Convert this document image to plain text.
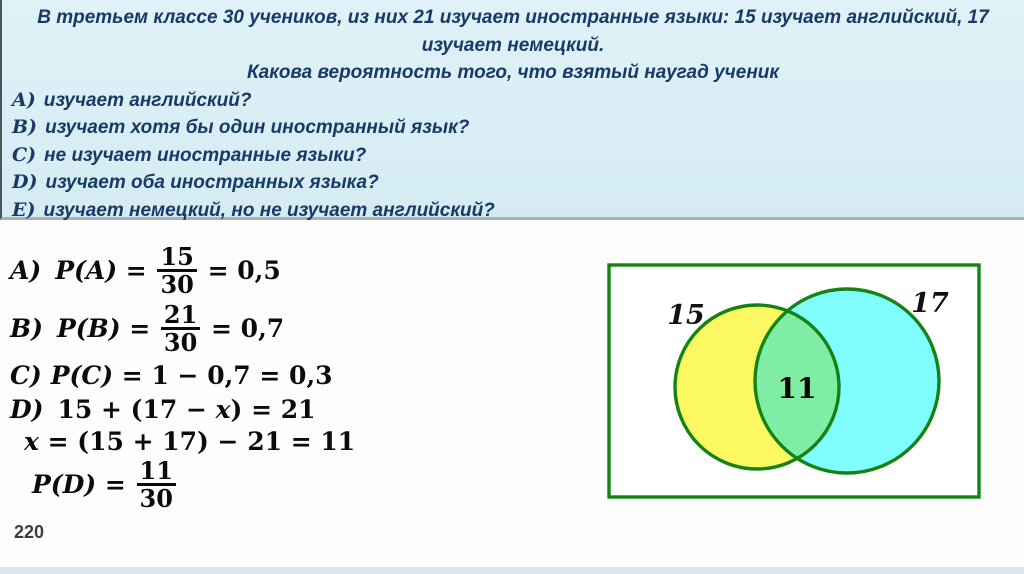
В третьем классе 30 учеников, из них 21 изучает иностранные языки: 15 изучает английский, 17 изучает немецкий.
Какова вероятность того, что взятый наугад ученик
A) изучает английский?
B) изучает хотя бы один иностранный язык?
C) не изучает иностранные языки?
D) изучает оба иностранных языка?
E) изучает немецкий, но не изучает английский?
A) $P(A) = \frac{15}{30} = 0,5$
B) $P(B) = \frac{21}{30} = 0,7$
C) P(C) = 1 − 0,7 = 0,3
D) 15 + (17 − x ) = 21
x = (15 + 17) − 21 = 11
$P(D) = \frac{11}{30}$
15	17
11
220
